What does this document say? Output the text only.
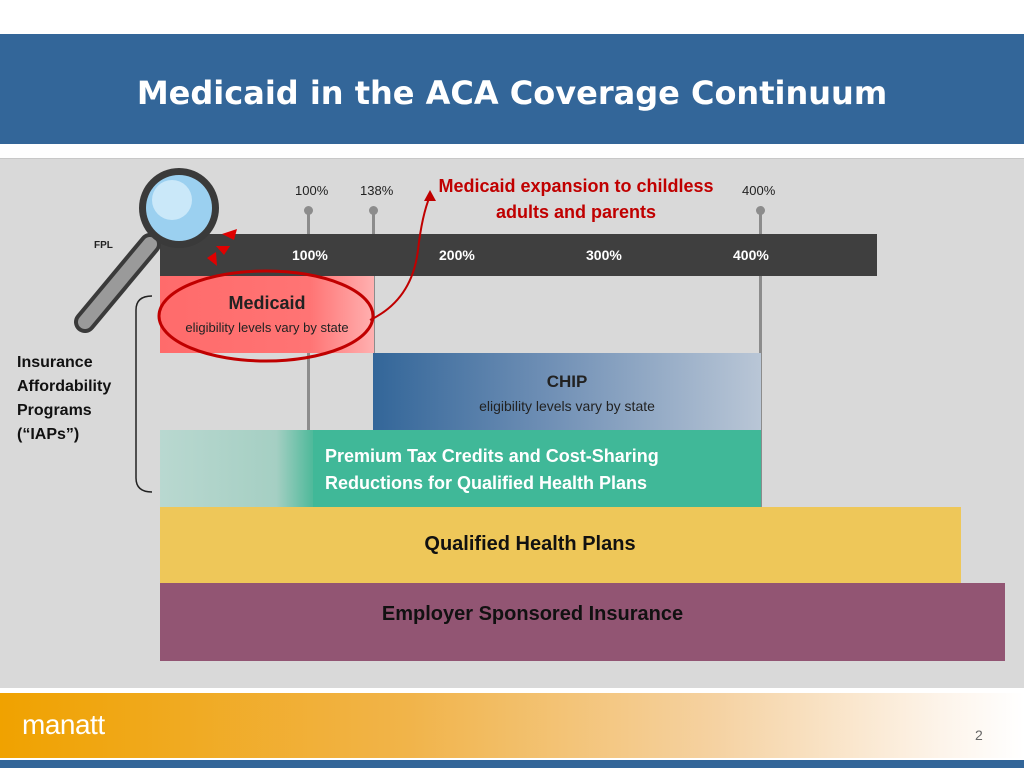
Medicaid in the ACA Coverage Continuum
100% 138%	400%
Medicaid expansion to childless adults and parents
100%	200%	300%	400%
FPL
Medicaid
eligibility levels vary by state
CHIP
eligibility levels vary by state
Premium Tax Credits and Cost-Sharing Reductions for Qualified Health Plans
Qualified Health Plans
Employer Sponsored Insurance
Insurance Affordability Programs (“IAPs”)
manatt	2
